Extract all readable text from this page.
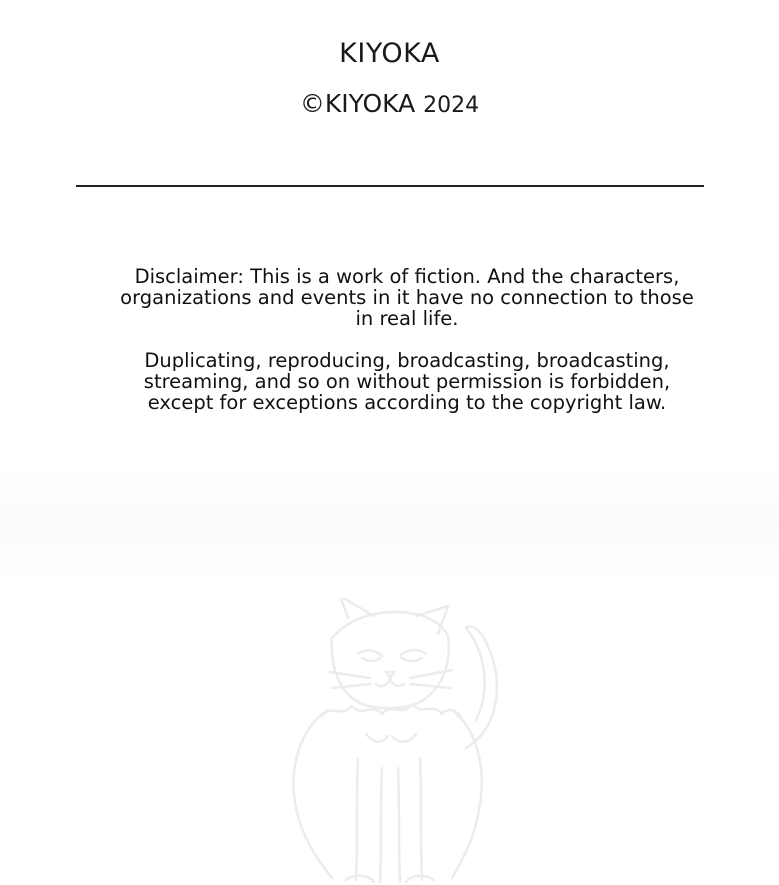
KIYOKA
©KIYOKA 2024
Disclaimer: This is a work of fiction. And the characters, organizations and events in it have no connection to those in real life.
Duplicating, reproducing, broadcasting, broadcasting, streaming, and so on without permission is forbidden, except for exceptions according to the copyright law.
